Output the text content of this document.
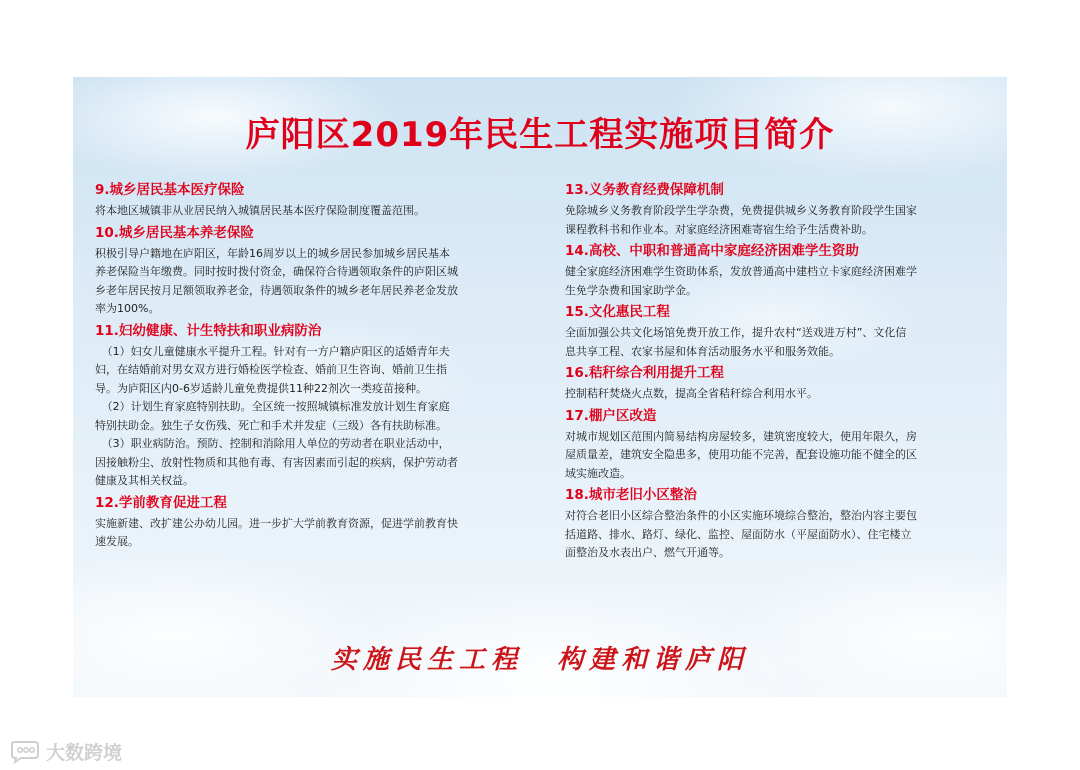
庐阳区2019年民生工程实施项目简介
9.城乡居民基本医疗保险

将本地区城镇非从业居民纳入城镇居民基本医疗保险制度覆盖范围。

10.城乡居民基本养老保险

积极引导户籍地在庐阳区，年龄16周岁以上的城乡居民参加城乡居民基本养老保险当年缴费。同时按时拨付资金，确保符合待遇领取条件的庐阳区城乡老年居民按月足额领取养老金，待遇领取条件的城乡老年居民养老金发放率为100%。

11.妇幼健康、计生特扶和职业病防治

（1）妇女儿童健康水平提升工程。针对有一方户籍庐阳区的适婚青年夫妇，在结婚前对男女双方进行婚检医学检查、婚前卫生咨询、婚前卫生指导。为庐阳区内0-6岁适龄儿童免费提供11种22剂次一类疫苗接种。

（2）计划生育家庭特别扶助。全区统一按照城镇标准发放计划生育家庭特别扶助金。独生子女伤残、死亡和手术并发症（三级）各有扶助标准。

（3）职业病防治。预防、控制和消除用人单位的劳动者在职业活动中，因接触粉尘、放射性物质和其他有毒、有害因素而引起的疾病，保护劳动者健康及其相关权益。

12.学前教育促进工程

实施新建、改扩建公办幼儿园。进一步扩大学前教育资源，促进学前教育快速发展。

13.义务教育经费保障机制

免除城乡义务教育阶段学生学杂费，免费提供城乡义务教育阶段学生国家课程教科书和作业本。对家庭经济困难寄宿生给予生活费补助。

14.高校、中职和普通高中家庭经济困难学生资助

健全家庭经济困难学生资助体系，发放普通高中建档立卡家庭经济困难学生免学杂费和国家助学金。

15.文化惠民工程

全面加强公共文化场馆免费开放工作，提升农村“送戏进万村”、文化信息共享工程、农家书屋和体育活动服务水平和服务效能。

16.秸秆综合利用提升工程

控制秸秆焚烧火点数，提高全省秸秆综合利用水平。

17.棚户区改造

对城市规划区范围内简易结构房屋较多，建筑密度较大，使用年限久，房屋质量差，建筑安全隐患多，使用功能不完善，配套设施功能不健全的区域实施改造。

18.城市老旧小区整治

对符合老旧小区综合整治条件的小区实施环境综合整治，整治内容主要包括道路、排水、路灯、绿化、监控、屋面防水（平屋面防水）、住宅楼立面整治及水表出户、燃气开通等。

实施民生工程 构建和谐庐阳
大数跨境
